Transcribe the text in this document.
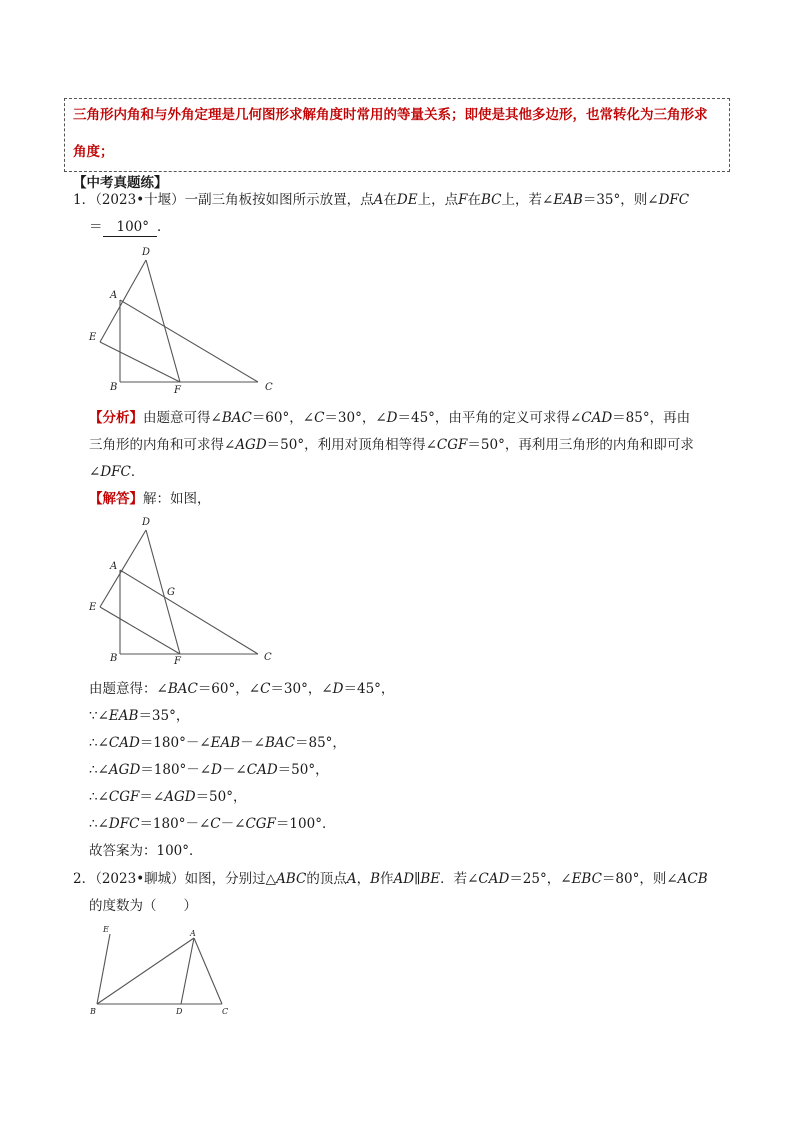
三角形内角和与外角定理是几何图形求解角度时常用的等量关系；即使是其他多边形，也常转化为三角形求
角度；
【中考真题练】
1．（2023•十堰）一副三角板按如图所示放置，点A在DE上，点F在BC上，若∠EAB＝35°，则∠DFC
＝ 100° ．
D
A
E
B	F	C
【分析】由题意可得∠BAC＝60°，∠C＝30°，∠D＝45°，由平角的定义可求得∠CAD＝85°，再由
三角形的内角和可求得∠AGD＝50°，利用对顶角相等得∠CGF＝50°，再利用三角形的内角和即可求
∠DFC．
【解答】解：如图，
D
A
G
E
B	F	C
由题意得：∠BAC＝60°，∠C＝30°，∠D＝45°，
∵∠EAB＝35°，
∴∠CAD＝180°－∠EAB－∠BAC＝85°，
∴∠AGD＝180°－∠D－∠CAD＝50°，
∴∠CGF＝∠AGD＝50°，
∴∠DFC＝180°－∠C－∠CGF＝100°．
故答案为：100°．
2．（2023•聊城）如图，分别过△ABC的顶点A，B作AD∥BE．若∠CAD＝25°，∠EBC＝80°，则∠ACB
的度数为（　　）
E	A
B	D	C
